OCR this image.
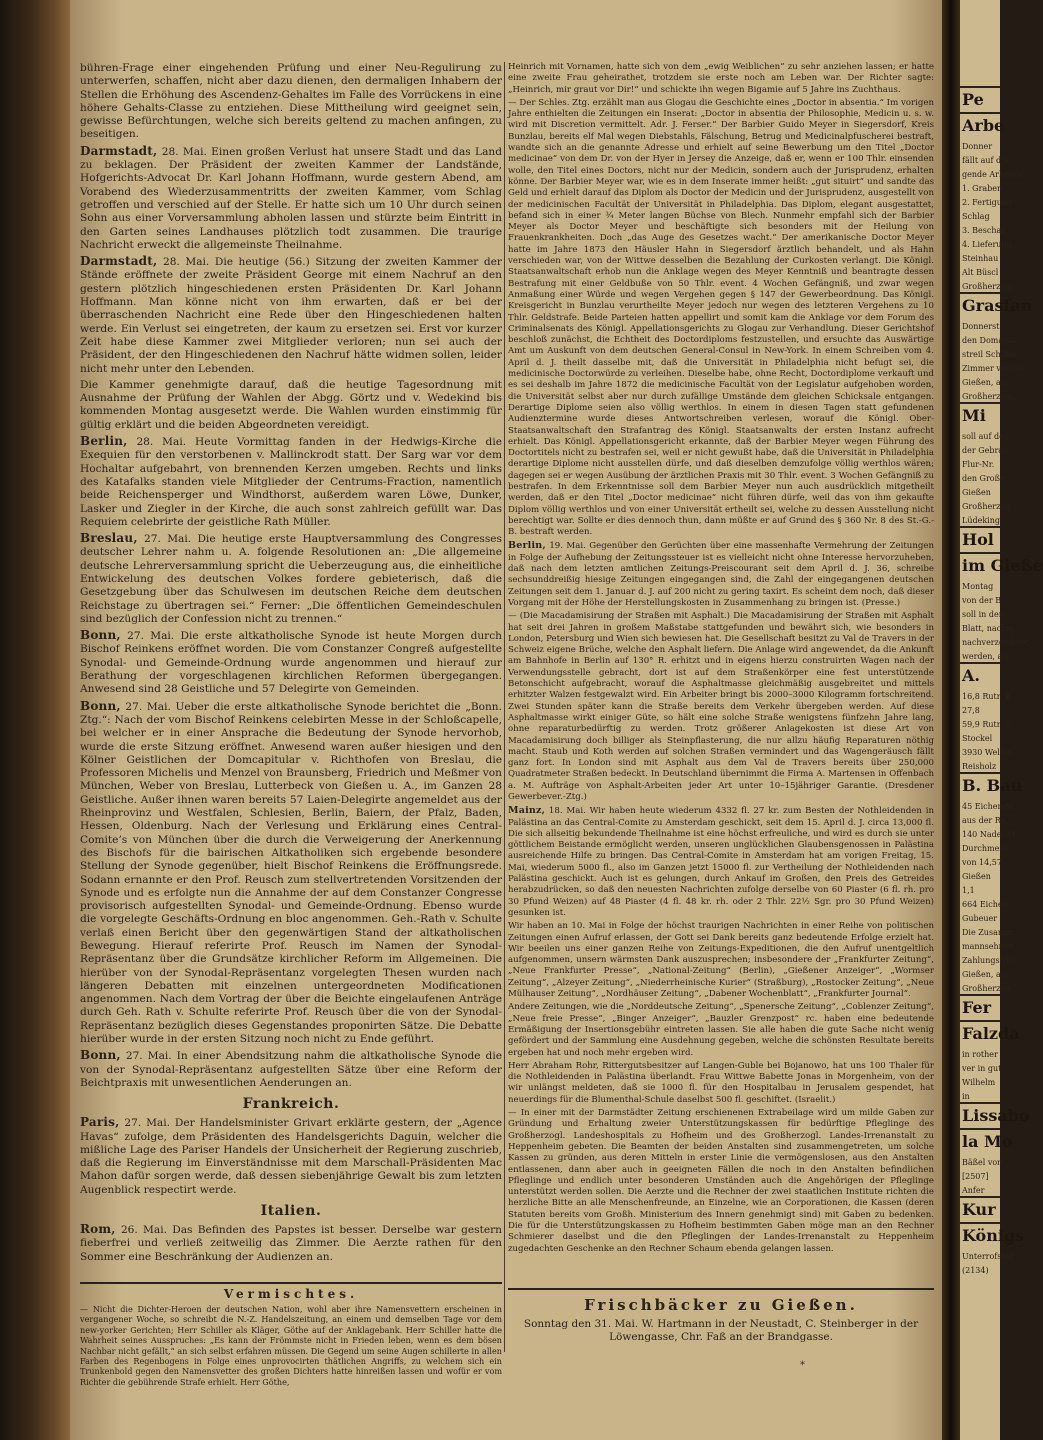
bühren-Frage einer eingehenden Prüfung und einer Neu-Regulirung zu unterwerfen, schaffen, nicht aber dazu dienen, den dermaligen Inhabern der Stellen die Erhöhung des Ascendenz-Gehaltes im Falle des Vorrückens in eine höhere Gehalts-Classe zu entziehen. Diese Mittheilung wird geeignet sein, gewisse Befürchtungen, welche sich bereits geltend zu machen anfingen, zu beseitigen.

Darmstadt, 28. Mai. Einen großen Verlust hat unsere Stadt und das Land zu beklagen. Der Präsident der zweiten Kammer der Landstände, Hofgerichts-Advocat Dr. Karl Johann Hoffmann, wurde gestern Abend, am Vorabend des Wiederzusammentritts der zweiten Kammer, vom Schlag getroffen und verschied auf der Stelle. Er hatte sich um 10 Uhr durch seinen Sohn aus einer Vorversammlung abholen lassen und stürzte beim Eintritt in den Garten seines Landhauses plötzlich todt zusammen. Die traurige Nachricht erweckt die allgemeinste Theilnahme.

Darmstadt, 28. Mai. Die heutige (56.) Sitzung der zweiten Kammer der Stände eröffnete der zweite Präsident George mit einem Nachruf an den gestern plötzlich hingeschiedenen ersten Präsidenten Dr. Karl Johann Hoffmann. Man könne nicht von ihm erwarten, daß er bei der überraschenden Nachricht eine Rede über den Hingeschiedenen halten werde. Ein Verlust sei eingetreten, der kaum zu ersetzen sei. Erst vor kurzer Zeit habe diese Kammer zwei Mitglieder verloren; nun sei auch der Präsident, der den Hingeschiedenen den Nachruf hätte widmen sollen, leider nicht mehr unter den Lebenden.

Die Kammer genehmigte darauf, daß die heutige Tagesordnung mit Ausnahme der Prüfung der Wahlen der Abgg. Görtz und v. Wedekind bis kommenden Montag ausgesetzt werde. Die Wahlen wurden einstimmig für gültig erklärt und die beiden Abgeordneten vereidigt.

Berlin, 28. Mai. Heute Vormittag fanden in der Hedwigs-Kirche die Exequien für den verstorbenen v. Mallinckrodt statt. Der Sarg war vor dem Hochaltar aufgebahrt, von brennenden Kerzen umgeben. Rechts und links des Katafalks standen viele Mitglieder der Centrums-Fraction, namentlich beide Reichensperger und Windthorst, außerdem waren Löwe, Dunker, Lasker und Ziegler in der Kirche, die auch sonst zahlreich gefüllt war. Das Requiem celebrirte der geistliche Rath Müller.

Breslau, 27. Mai. Die heutige erste Hauptversammlung des Congresses deutscher Lehrer nahm u. A. folgende Resolutionen an: „Die allgemeine deutsche Lehrerversammlung spricht die Ueberzeugung aus, die einheitliche Entwickelung des deutschen Volkes fordere gebieterisch, daß die Gesetzgebung über das Schulwesen im deutschen Reiche dem deutschen Reichstage zu übertragen sei.“ Ferner: „Die öffentlichen Gemeindeschulen sind bezüglich der Confession nicht zu trennen.“

Bonn, 27. Mai. Die erste altkatholische Synode ist heute Morgen durch Bischof Reinkens eröffnet worden. Die vom Constanzer Congreß aufgestellte Synodal- und Gemeinde-Ordnung wurde angenommen und hierauf zur Berathung der vorgeschlagenen kirchlichen Reformen übergegangen. Anwesend sind 28 Geistliche und 57 Delegirte von Gemeinden.

Bonn, 27. Mai. Ueber die erste altkatholische Synode berichtet die „Bonn. Ztg.“: Nach der vom Bischof Reinkens celebirten Messe in der Schloßcapelle, bei welcher er in einer Ansprache die Bedeutung der Synode hervorhob, wurde die erste Sitzung eröffnet. Anwesend waren außer hiesigen und den Kölner Geistlichen der Domcapitular v. Richthofen von Breslau, die Professoren Michelis und Menzel von Braunsberg, Friedrich und Meßmer von München, Weber von Breslau, Lutterbeck von Gießen u. A., im Ganzen 28 Geistliche. Außer ihnen waren bereits 57 Laien-Delegirte angemeldet aus der Rheinprovinz und Westfalen, Schlesien, Berlin, Baiern, der Pfalz, Baden, Hessen, Oldenburg. Nach der Verlesung und Erklärung eines Central-Comite’s von München über die durch die Verweigerung der Anerkennung des Bischofs für die bairischen Altkatholiken sich ergebende besondere Stellung der Synode gegenüber, hielt Bischof Reinkens die Eröffnungsrede. Sodann ernannte er den Prof. Reusch zum stellvertretenden Vorsitzenden der Synode und es erfolgte nun die Annahme der auf dem Constanzer Congresse provisorisch aufgestellten Synodal- und Gemeinde-Ordnung. Ebenso wurde die vorgelegte Geschäfts-Ordnung en bloc angenommen. Geh.-Rath v. Schulte verlaß einen Bericht über den gegenwärtigen Stand der altkatholischen Bewegung. Hierauf referirte Prof. Reusch im Namen der Synodal-Repräsentanz über die Grundsätze kirchlicher Reform im Allgemeinen. Die hierüber von der Synodal-Repräsentanz vorgelegten Thesen wurden nach längeren Debatten mit einzelnen untergeordneten Modificationen angenommen. Nach dem Vortrag der über die Beichte eingelaufenen Anträge durch Geh. Rath v. Schulte referirte Prof. Reusch über die von der Synodal-Repräsentanz bezüglich dieses Gegenstandes proponirten Sätze. Die Debatte hierüber wurde in der ersten Sitzung noch nicht zu Ende geführt.

Bonn, 27. Mai. In einer Abendsitzung nahm die altkatholische Synode die von der Synodal-Repräsentanz aufgestellten Sätze über eine Reform der Beichtpraxis mit unwesentlichen Aenderungen an.

Frankreich.

Paris, 27. Mai. Der Handelsminister Grivart erklärte gestern, der „Agence Havas“ zufolge, dem Präsidenten des Handelsgerichts Daguin, welcher die mißliche Lage des Pariser Handels der Unsicherheit der Regierung zuschrieb, daß die Regierung im Einverständnisse mit dem Marschall-Präsidenten Mac Mahon dafür sorgen werde, daß dessen siebenjährige Gewalt bis zum letzten Augenblick respectirt werde.

Italien.

Rom, 26. Mai. Das Befinden des Papstes ist besser. Derselbe war gestern fieberfrei und verließ zeitweilig das Zimmer. Die Aerzte rathen für den Sommer eine Beschränkung der Audienzen an.

Heinrich mit Vornamen, hatte sich von dem „ewig Weiblichen“ zu sehr anziehen lassen; er hatte eine zweite Frau geheirathet, trotzdem sie erste noch am Leben war. Der Richter sagte: „Heinrich, mir graut vor Dir!“ und schickte ihn wegen Bigamie auf 5 Jahre ins Zuchthaus.

— Der Schles. Ztg. erzählt man aus Glogau die Geschichte eines „Doctor in absentia.“ Im vorigen Jahre enthielten die Zeitungen ein Inserat: „Doctor in absentia der Philosophie, Medicin u. s. w. wird mit Discretion vermittelt. Adr. J. Ferser.“ Der Barbier Guido Meyer in Siegersdorf, Kreis Bunzlau, bereits elf Mal wegen Diebstahls, Fälschung, Betrug und Medicinalpfuscherei bestraft, wandte sich an die genannte Adresse und erhielt auf seine Bewerbung um den Titel „Doctor medicinae“ von dem Dr. von der Hyer in Jersey die Anzeige, daß er, wenn er 100 Thlr. einsenden wolle, den Titel eines Doctors, nicht nur der Medicin, sondern auch der Jurisprudenz, erhalten könne. Der Barbier Meyer war, wie es in dem Inserate immer heißt: „gut situirt“ und sandte das Geld und erhielt darauf das Diplom als Doctor der Medicin und der Jurisprudenz, ausgestellt von der medicinischen Facultät der Universität in Philadelphia. Das Diplom, elegant ausgestattet, befand sich in einer ¾ Meter langen Büchse von Blech. Nunmehr empfahl sich der Barbier Meyer als Doctor Meyer und beschäftigte sich besonders mit der Heilung von Frauenkrankheiten. Doch „das Auge des Gesetzes wacht.“ Der amerikanische Doctor Meyer hatte im Jahre 1873 den Häusler Hahn in Siegersdorf ärztlich behandelt, und als Hahn verschieden war, von der Wittwe desselben die Bezahlung der Curkosten verlangt. Die Königl. Staatsanwaltschaft erhob nun die Anklage wegen des Meyer Kenntniß und beantragte dessen Bestrafung mit einer Geldbuße von 50 Thlr. event. 4 Wochen Gefängniß, und zwar wegen Anmaßung einer Würde und wegen Vergehen gegen § 147 der Gewerbeordnung. Das Königl. Kreisgericht in Bunzlau verurtheilte Meyer jedoch nur wegen des letzteren Vergehens zu 10 Thlr. Geldstrafe. Beide Parteien hatten appellirt und somit kam die Anklage vor dem Forum des Criminalsenats des Königl. Appellationsgerichts zu Glogau zur Verhandlung. Dieser Gerichtshof beschloß zunächst, die Echtheit des Doctordiploms festzustellen, und ersuchte das Auswärtige Amt um Auskunft von dem deutschen General-Consul in New-York. In einem Schreiben vom 4. April d. J. theilt dasselbe mit, daß die Universität in Philadelphia nicht befugt sei, die medicinische Doctorwürde zu verleihen. Dieselbe habe, ohne Recht, Doctordiplome verkauft und es sei deshalb im Jahre 1872 die medicinische Facultät von der Legislatur aufgehoben worden, die Universität selbst aber nur durch zufällige Umstände dem gleichen Schicksale entgangen. Derartige Diplome seien also völlig werthlos. In einem in diesen Tagen statt gefundenen Audienztermine wurde dieses Antwortschreiben verlesen, worauf die Königl. Ober-Staatsanwaltschaft den Strafantrag des Königl. Staatsanwalts der ersten Instanz aufrecht erhielt. Das Königl. Appellationsgericht erkannte, daß der Barbier Meyer wegen Führung des Doctortitels nicht zu bestrafen sei, weil er nicht gewußt habe, daß die Universität in Philadelphia derartige Diplome nicht ausstellen dürfe, und daß dieselben demzufolge völlig werthlos wären; dagegen sei er wegen Ausübung der ärztlichen Praxis mit 30 Thlr. event. 3 Wochen Gefängniß zu bestrafen. In dem Erkenntnisse soll dem Barbier Meyer nun auch ausdrücklich mitgetheilt werden, daß er den Titel „Doctor medicinae“ nicht führen dürfe, weil das von ihm gekaufte Diplom völlig werthlos und von einer Universität ertheilt sei, welche zu dessen Ausstellung nicht berechtigt war. Sollte er dies dennoch thun, dann müßte er auf Grund des § 360 Nr. 8 des St.-G.-B. bestraft werden.

Berlin, 19. Mai. Gegenüber den Gerüchten über eine massenhafte Vermehrung der Zeitungen in Folge der Aufhebung der Zeitungssteuer ist es vielleicht nicht ohne Interesse hervorzuheben, daß nach dem letzten amtlichen Zeitungs-Preiscourant seit dem April d. J. 36, schreibe sechsunddreißig hiesige Zeitungen eingegangen sind, die Zahl der eingegangenen deutschen Zeitungen seit dem 1. Januar d. J. auf 200 nicht zu gering taxirt. Es scheint dem noch, daß dieser Vorgang mit der Höhe der Herstellungskosten in Zusammenhang zu bringen ist. (Presse.)

— (Die Macadamisirung der Straßen mit Asphalt.) Die Macadamisirung der Straßen mit Asphalt hat seit drei Jahren in großem Maßstabe stattgefunden und bewährt sich, wie besonders in London, Petersburg und Wien sich bewiesen hat. Die Gesellschaft besitzt zu Val de Travers in der Schweiz eigene Brüche, welche den Asphalt liefern. Die Anlage wird angewendet, da die Ankunft am Bahnhofe in Berlin auf 130° R. erhitzt und in eigens hierzu construirten Wagen nach der Verwendungsstelle gebracht, dort ist auf dem Straßenkörper eine fest unterstützende Betonschicht aufgebracht, worauf die Asphaltmasse gleichmäßig ausgebreitet und mittels erhitzter Walzen festgewalzt wird. Ein Arbeiter bringt bis 2000–3000 Kilogramm fortschreitend. Zwei Stunden später kann die Straße bereits dem Verkehr übergeben werden. Auf diese Asphaltmasse wirkt einiger Güte, so hält eine solche Straße wenigstens fünfzehn Jahre lang, ohne reparaturbedürftig zu werden. Trotz größerer Anlagekosten ist diese Art von Macadamisirung doch billiger als Steinpflasterung, die nur allzu häufig Reparaturen nöthig macht. Staub und Koth werden auf solchen Straßen vermindert und das Wagengeräusch fällt ganz fort. In London sind mit Asphalt aus dem Val de Travers bereits über 250,000 Quadratmeter Straßen bedeckt. In Deutschland übernimmt die Firma A. Martensen in Offenbach a. M. Aufträge von Asphalt-Arbeiten jeder Art unter 10–15jähriger Garantie. (Dresdener Gewerbever.-Ztg.)

Mainz, 18. Mai. Wir haben heute wiederum 4332 fl. 27 kr. zum Besten der Nothleidenden in Palästina an das Central-Comite zu Amsterdam geschickt, seit dem 15. April d. J. circa 13,000 fl. Die sich allseitig bekundende Theilnahme ist eine höchst erfreuliche, und wird es durch sie unter göttlichem Beistande ermöglicht werden, unseren unglücklichen Glaubensgenossen in Palästina ausreichende Hilfe zu bringen. Das Central-Comite in Amsterdam hat am vorigen Freitag, 15. Mai, wiederum 5000 fl., also im Ganzen jetzt 15000 fl. zur Vertheilung der Nothleidenden nach Palästina geschickt. Auch ist es gelungen, durch Ankauf im Großen, den Preis des Getreides herabzudrücken, so daß den neuesten Nachrichten zufolge derselbe von 60 Piaster (6 fl. rh. pro 30 Pfund Weizen) auf 48 Piaster (4 fl. 48 kr. rh. oder 2 Thlr. 22½ Sgr. pro 30 Pfund Weizen) gesunken ist.

Wir haben an 10. Mai in Folge der höchst traurigen Nachrichten in einer Reihe von politischen Zeitungen einen Aufruf erlassen, der Gott sei Dank bereits ganz bedeutende Erfolge erzielt hat. Wir beeilen uns einer ganzen Reihe von Zeitungs-Expeditionen, die den Aufruf unentgeltlich aufgenommen, unsern wärmsten Dank auszusprechen; insbesondere der „Frankfurter Zeitung“, „Neue Frankfurter Presse“, „National-Zeitung“ (Berlin), „Gießener Anzeiger“, „Wormser Zeitung“, „Alzeyer Zeitung“, „Niederrheinische Kurier“ (Straßburg), „Rostocker Zeitung“, „Neue Mülhauser Zeitung“, „Nordhäuser Zeitung“, „Dabener Wochenblatt“, „Frankfurter Journal“.

Andere Zeitungen, wie die „Norddeutsche Zeitung“, „Spenersche Zeitung“, „Coblenzer Zeitung“, „Neue freie Presse“, „Binger Anzeiger“, „Bauzler Grenzpost“ rc. haben eine bedeutende Ermäßigung der Insertionsgebühr eintreten lassen. Sie alle haben die gute Sache nicht wenig gefördert und der Sammlung eine Ausdehnung gegeben, welche die schönsten Resultate bereits ergeben hat und noch mehr ergeben wird.

Herr Abraham Rohr, Rittergutsbesitzer auf Langen-Guble bei Bojanowo, hat uns 100 Thaler für die Nothleidenden in Palästina überlandt. Frau Wittwe Babette Jonas in Morgenheim, von der wir unlängst meldeten, daß sie 1000 fl. für den Hospitalbau in Jerusalem gespendet, hat neuerdings für die Blumenthal-Schule daselbst 500 fl. geschiftet. (Israelit.)

— In einer mit der Darmstädter Zeitung erschienenen Extrabeilage wird um milde Gaben zur Gründung und Erhaltung zweier Unterstützungskassen für bedürftige Pfleglinge des Großherzogl. Landeshospitals zu Hofheim und des Großherzogl. Landes-Irrenanstalt zu Heppenheim gebeten. Die Beamten der beiden Anstalten sind zusammengetreten, um solche Kassen zu gründen, aus deren Mitteln in erster Linie die vermögenslosen, aus den Anstalten entlassenen, dann aber auch in geeigneten Fällen die noch in den Anstalten befindlichen Pfleglinge und endlich unter besonderen Umständen auch die Angehörigen der Pfleglinge unterstützt werden sollen. Die Aerzte und die Rechner der zwei staatlichen Institute richten die herzliche Bitte an alle Menschenfreunde, an Einzelne, wie an Corporationen, die Kassen (deren Statuten bereits vom Großh. Ministerium des Innern genehmigt sind) mit Gaben zu bedenken. Die für die Unterstützungskassen zu Hofheim bestimmten Gaben möge man an den Rechner Schmierer daselbst und die den Pfleglingen der Landes-Irrenanstalt zu Heppenheim zugedachten Geschenke an den Rechner Schaum ebenda gelangen lassen.

Vermischtes.

— Nicht die Dichter-Heroen der deutschen Nation, wohl aber ihre Namensvettern erscheinen in vergangener Woche, so schreibt die N.-Z. Handelszeitung, an einem und demselben Tage vor dem new-yorker Gerichten; Herr Schiller als Kläger, Göthe auf der Anklagebank. Herr Schiller hatte die Wahrheit seines Ausspruches: „Es kann der Frömmste nicht in Frieden leben, wenn es dem bösen Nachbar nicht gefällt,“ an sich selbst erfahren müssen. Die Gegend um seine Augen schillerte in allen Farben des Regenbogens in Folge eines unprovocirten thätlichen Angriffs, zu welchem sich ein Trunkenbold gegen den Namensvetter des großen Dichters hatte hinreißen lassen und wofür er vom Richter die gebührende Strafe erhielt. Herr Göthe,

Frischbäcker zu Gießen.

Sonntag den 31. Mai. W. Hartmann in der Neustadt, C. Steinberger in der Löwengasse, Chr. Faß an der Brandgasse.

*
Pe
Arbe
Donner
fällt auf die
gende Arbeiter:
1. Graben
2. Fertigung
Schlag
3. Beschaf
4. Lieferung
Steinhau
Alt Büscl
Großherzogl
Grasfan
Donnerst
den Domania
streil Schäfer
Zimmer verstei
Gießen, am
Großherzogl.
Mi
soll auf des
der Gebrau
Flur-Nr.
den Große
Gießen
Großherzog
Lüdeking
Hol
im Gieße
Montag
von der B
soll in den
Blatt, nachm
nachverzeichnet
werden, als
A.
16,8 Rutr. B
27,8
59,9 Rutr. S
Stockel
3930 Wellen
Reisholz
B. Bau
45 Eichen-St
aus der Re
140 Nadel-St
Durchmess
von 14,57
Gießen
1,1
664 Eichen
Gubeuer
Die Zusamm
mannsehnen
Zahlungsfrist
Gießen, am
Großherzog
Fer
Falzda
in rother
ver in gut
Wilhelm
in
Lissabo
la Mo
Bäßel von
[2507]
Anfer
Kur
Königs
Unterrofslen
(2134)
